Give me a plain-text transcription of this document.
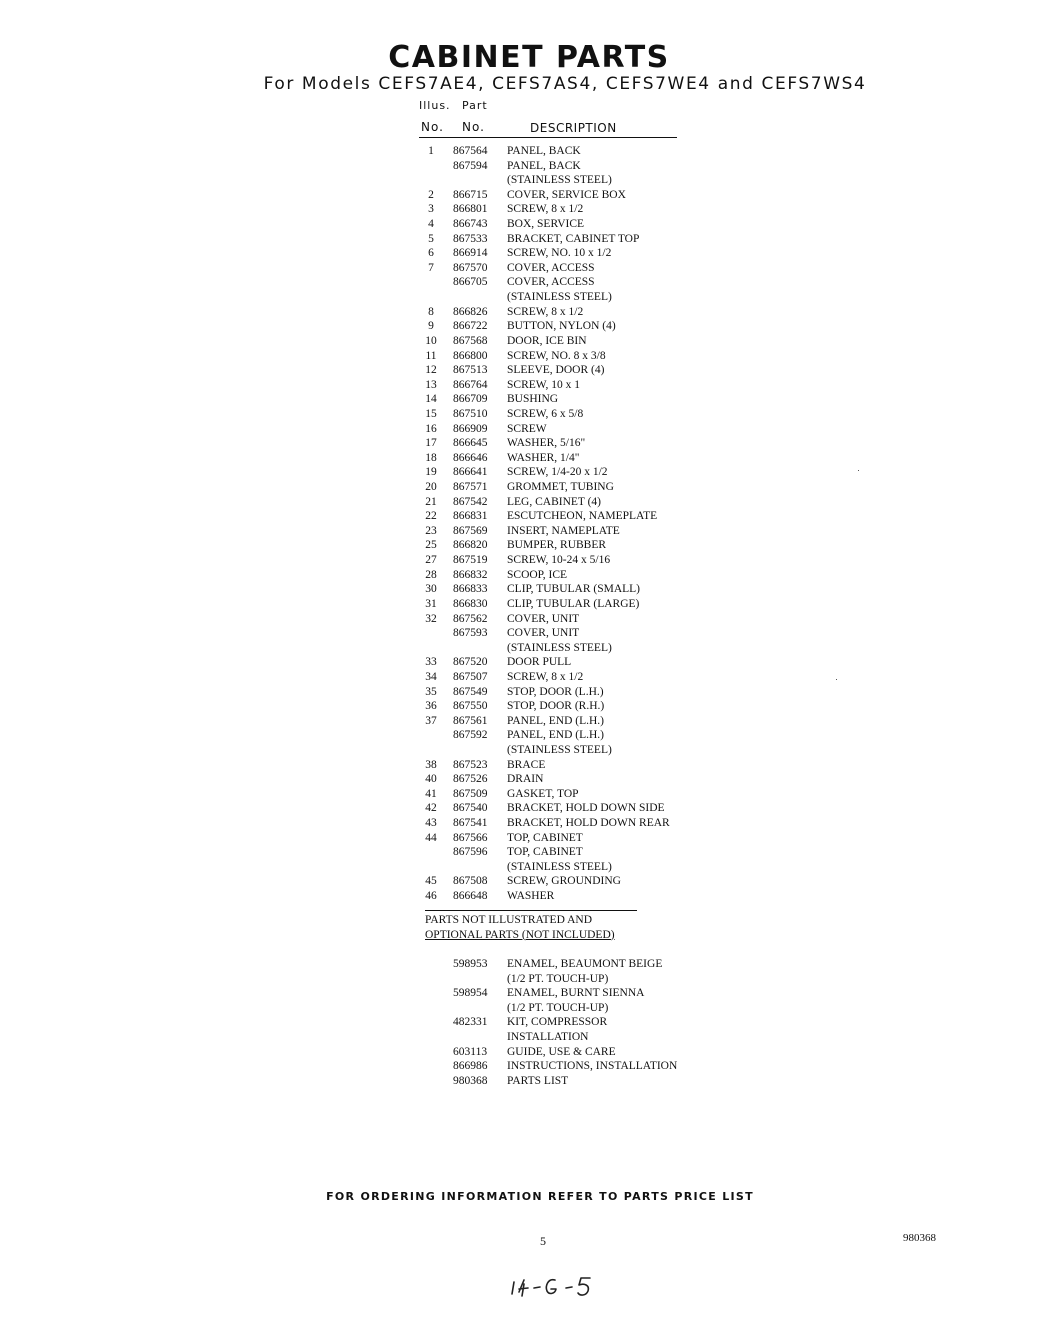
CABINET PARTS
For Models CEFS7AE4, CEFS7AS4, CEFS7WE4 and CEFS7WS4
Illus. Part
No. No.	DESCRIPTION
1	867564 PANEL, BACK
867594 PANEL, BACK
(STAINLESS STEEL)
2	866715 COVER, SERVICE BOX
3	866801 SCREW, 8 x 1/2
4	866743 BOX, SERVICE
5	867533 BRACKET, CABINET TOP
6	866914 SCREW, NO. 10 x 1/2
7	867570 COVER, ACCESS
866705 COVER, ACCESS
(STAINLESS STEEL)
8	866826 SCREW, 8 x 1/2
9	866722 BUTTON, NYLON (4)
10	867568 DOOR, ICE BIN
11	866800 SCREW, NO. 8 x 3/8
12	867513 SLEEVE, DOOR (4)
13	866764 SCREW, 10 x 1
14	866709 BUSHING
15	867510 SCREW, 6 x 5/8
16	866909 SCREW
17	866645 WASHER, 5/16"
18	866646 WASHER, 1/4"
19	866641 SCREW, 1/4-20 x 1/2
20	867571 GROMMET, TUBING
21	867542 LEG, CABINET (4)
22	866831 ESCUTCHEON, NAMEPLATE
23	867569 INSERT, NAMEPLATE
25	866820 BUMPER, RUBBER
27	867519 SCREW, 10-24 x 5/16
28	866832 SCOOP, ICE
30	866833 CLIP, TUBULAR (SMALL)
31	866830 CLIP, TUBULAR (LARGE)
32	867562 COVER, UNIT
867593 COVER, UNIT
(STAINLESS STEEL)
33	867520 DOOR PULL
34	867507 SCREW, 8 x 1/2
35	867549 STOP, DOOR (L.H.)
36	867550 STOP, DOOR (R.H.)
37	867561 PANEL, END (L.H.)
867592 PANEL, END (L.H.)
(STAINLESS STEEL)
38	867523 BRACE
40	867526 DRAIN
41	867509 GASKET, TOP
42	867540 BRACKET, HOLD DOWN SIDE
43	867541 BRACKET, HOLD DOWN REAR
44	867566 TOP, CABINET
867596 TOP, CABINET
(STAINLESS STEEL)
45	867508 SCREW, GROUNDING
46	866648 WASHER
PARTS NOT ILLUSTRATED AND
OPTIONAL PARTS (NOT INCLUDED)
598953 ENAMEL, BEAUMONT BEIGE
(1/2 PT. TOUCH-UP)
598954 ENAMEL, BURNT SIENNA
(1/2 PT. TOUCH-UP)
482331 KIT, COMPRESSOR
INSTALLATION
603113 GUIDE, USE & CARE
866986 INSTRUCTIONS, INSTALLATION
980368 PARTS LIST
FOR ORDERING INFORMATION REFER TO PARTS PRICE LIST
5	980368
